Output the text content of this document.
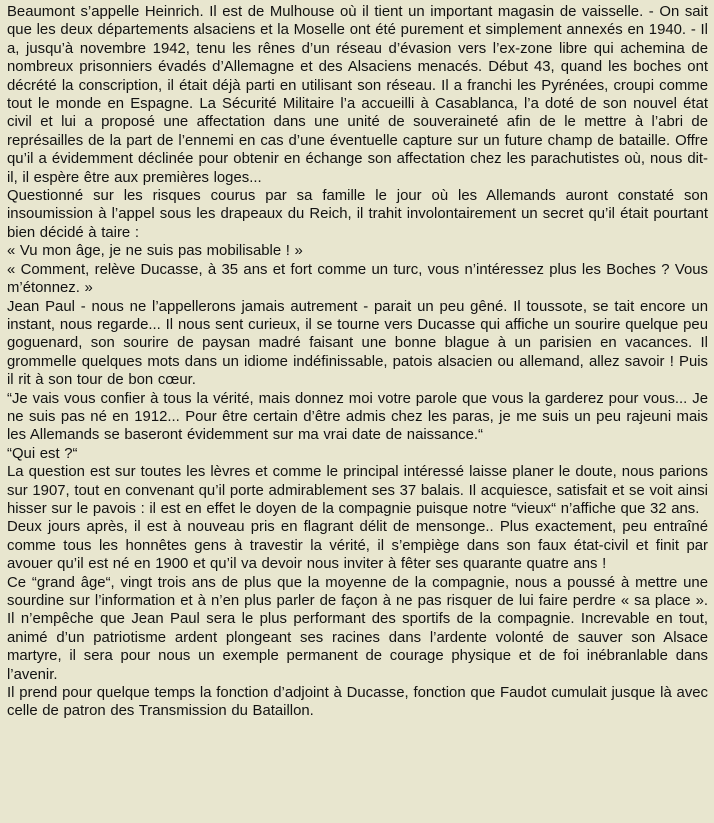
Beaumont s’appelle Heinrich. Il est de Mulhouse où il tient un important magasin de vaisselle. - On sait que les deux départements alsaciens et la Moselle ont été purement et simplement annexés en 1940. - Il a, jusqu’à novembre 1942, tenu les rênes d’un réseau d’évasion vers l’ex-zone libre qui achemina de nombreux prisonniers évadés d’Allemagne et des Alsaciens menacés. Début 43, quand les boches ont décrété la conscription, il était déjà parti en utilisant son réseau. Il a franchi les Pyrénées, croupi comme tout le monde en Espagne. La Sécurité Militaire l’a accueilli à Casablanca, l’a doté de son nouvel état civil et lui a proposé une affectation dans une unité de souveraineté afin de le mettre à l’abri de représailles de la part de l’ennemi en cas d’une éventuelle capture sur un future champ de bataille. Offre qu’il a évidemment déclinée pour obtenir en échange son affectation chez les parachutistes où, nous dit-il, il espère être aux premières loges...

Questionné sur les risques courus par sa famille le jour où les Allemands auront constaté son insoumission à l’appel sous les drapeaux du Reich, il trahit involontairement un secret qu’il était pourtant bien décidé à taire :

« Vu mon âge, je ne suis pas mobilisable ! »

« Comment, relève Ducasse, à 35 ans et fort comme un turc, vous n’intéressez plus les Boches ? Vous m’étonnez. »

Jean Paul - nous ne l’appellerons jamais autrement - parait un peu gêné. Il toussote, se tait encore un instant, nous regarde... Il nous sent curieux, il se tourne vers Ducasse qui affiche un sourire quelque peu goguenard, son sourire de paysan madré faisant une bonne blague à un parisien en vacances. Il grommelle quelques mots dans un idiome indéfinissable, patois alsacien ou allemand, allez savoir ! Puis il rit à son tour de bon cœur.

“Je vais vous confier à tous la vérité, mais donnez moi votre parole que vous la garderez pour vous... Je ne suis pas né en 1912... Pour être certain d’être admis chez les paras, je me suis un peu rajeuni mais les Allemands se baseront évidemment sur ma vrai date de naissance.“

“Qui est ?“

La question est sur toutes les lèvres et comme le principal intéressé laisse planer le doute, nous parions sur 1907, tout en convenant qu’il porte admirablement ses 37 balais. Il acquiesce, satisfait et se voit ainsi hisser sur le pavois : il est en effet le doyen de la compagnie puisque notre “vieux“ n’affiche que 32 ans.

Deux jours après, il est à nouveau pris en flagrant délit de mensonge.. Plus exactement, peu entraîné comme tous les honnêtes gens à travestir la vérité, il s’empiège dans son faux état-civil et finit par avouer qu’il est né en 1900 et qu’il va devoir nous inviter à fêter ses quarante quatre ans !

Ce “grand âge“, vingt trois ans de plus que la moyenne de la compagnie, nous a poussé à mettre une sourdine sur l’information et à n’en plus parler de façon à ne pas risquer de lui faire perdre « sa place ». Il n’empêche que Jean Paul sera le plus performant des sportifs de la compagnie. Increvable en tout, animé d’un patriotisme ardent plongeant ses racines dans l’ardente volonté de sauver son Alsace martyre, il sera pour nous un exemple permanent de courage physique et de foi inébranlable dans l’avenir.

Il prend pour quelque temps la fonction d’adjoint à Ducasse, fonction que Faudot cumulait jusque là avec celle de patron des Transmission du Bataillon.
